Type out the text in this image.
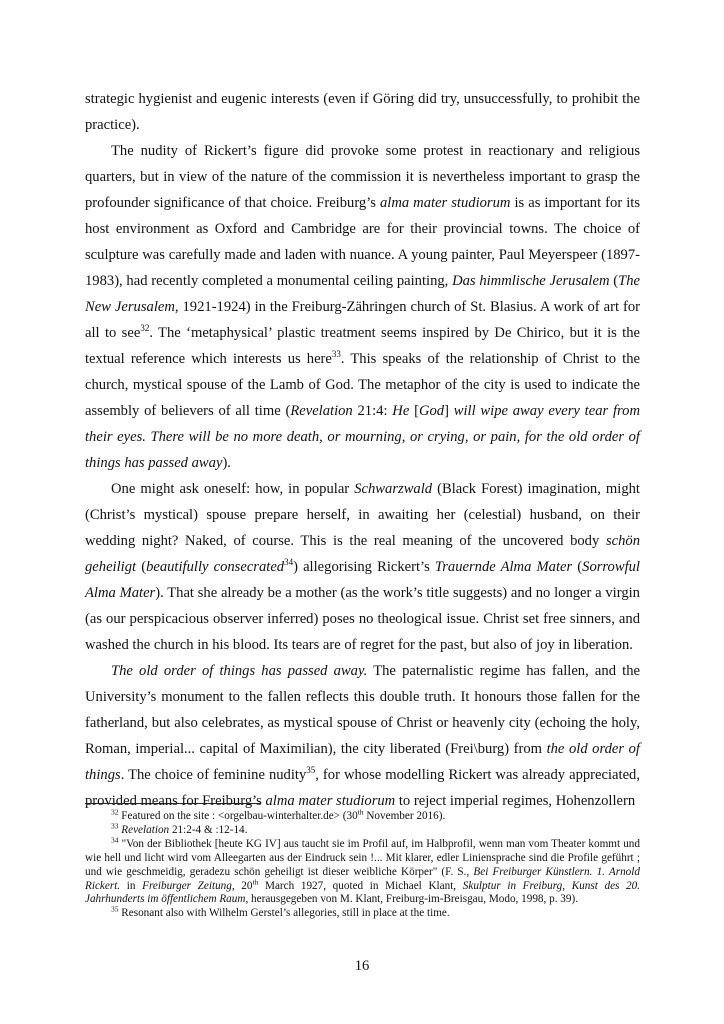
strategic hygienist and eugenic interests (even if Göring did try, unsuccessfully, to prohibit the practice).

The nudity of Rickert’s figure did provoke some protest in reactionary and religious quarters, but in view of the nature of the commission it is nevertheless important to grasp the profounder significance of that choice. Freiburg’s alma mater studiorum is as important for its host environment as Oxford and Cambridge are for their provincial towns. The choice of sculpture was carefully made and laden with nuance. A young painter, Paul Meyerspeer (1897-1983), had recently completed a monumental ceiling painting, Das himmlische Jerusalem (The New Jerusalem, 1921-1924) in the Freiburg-Zähringen church of St. Blasius. A work of art for all to see$^{32}$. The ‘metaphysical’ plastic treatment seems inspired by De Chirico, but it is the textual reference which interests us here$^{33}$. This speaks of the relationship of Christ to the church, mystical spouse of the Lamb of God. The metaphor of the city is used to indicate the assembly of believers of all time (Revelation 21:4: He [God] will wipe away every tear from their eyes. There will be no more death, or mourning, or crying, or pain, for the old order of things has passed away).

One might ask oneself: how, in popular Schwarzwald (Black Forest) imagination, might (Christ’s mystical) spouse prepare herself, in awaiting her (celestial) husband, on their wedding night? Naked, of course. This is the real meaning of the uncovered body schön geheiligt (beautifully consecrated$^{34}$) allegorising Rickert’s Trauernde Alma Mater (Sorrowful Alma Mater). That she already be a mother (as the work’s title suggests) and no longer a virgin (as our perspicacious observer inferred) poses no theological issue. Christ set free sinners, and washed the church in his blood. Its tears are of regret for the past, but also of joy in liberation.

The old order of things has passed away. The paternalistic regime has fallen, and the University’s monument to the fallen reflects this double truth. It honours those fallen for the fatherland, but also celebrates, as mystical spouse of Christ or heavenly city (echoing the holy, Roman, imperial... capital of Maximilian), the city liberated (Frei\burg) from the old order of things. The choice of feminine nudity$^{35}$, for whose modelling Rickert was already appreciated, provided means for Freiburg’s alma mater studiorum to reject imperial regimes, Hohenzollern

$^{32}$ Featured on the site : <orgelbau-winterhalter.de> (30th November 2016).

$^{33}$ Revelation 21:2-4 & :12-14.

$^{34}$ "Von der Bibliothek [heute KG IV] aus taucht sie im Profil auf, im Halbprofil, wenn man vom Theater kommt und wie hell und licht wird vom Alleegarten aus der Eindruck sein !... Mit klarer, edler Liniensprache sind die Profile geführt ; und wie geschmeidig, geradezu schön geheiligt ist dieser weibliche Körper" (F. S., Bei Freiburger Künstlern. 1. Arnold Rickert. in Freiburger Zeitung, 20th March 1927, quoted in Michael Klant, Skulptur in Freiburg, Kunst des 20. Jahrhunderts im öffentlichem Raum, herausgegeben von M. Klant, Freiburg-im-Breisgau, Modo, 1998, p. 39).

$^{35}$ Resonant also with Wilhelm Gerstel’s allegories, still in place at the time.

16
